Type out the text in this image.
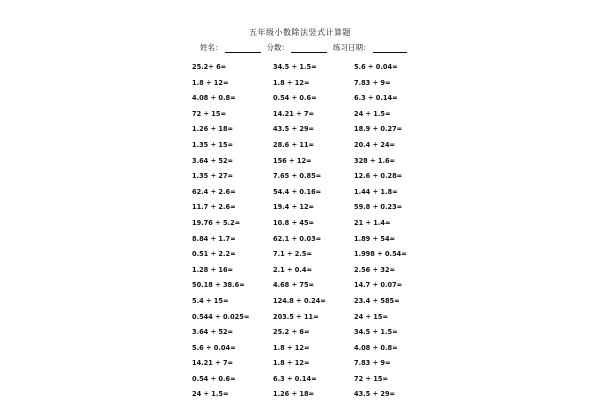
五年级小数除法竖式计算题
姓名：	分数：	练习日期：
25.2÷ 6=	34.5 ÷ 1.5=	5.6 ÷ 0.04=
1.8 ÷ 12=	1.8 ÷ 12=	7.83 ÷ 9=
4.08 ÷ 0.8=	0.54 ÷ 0.6=	6.3 ÷ 0.14=
72 ÷ 15=	14.21 ÷ 7=	24 ÷ 1.5=
1.26 ÷ 18=	43.5 ÷ 29=	18.9 ÷ 0.27=
1.35 ÷ 15=	28.6 ÷ 11=	20.4 ÷ 24=
3.64 ÷ 52=	156 ÷ 12=	328 ÷ 1.6=
1.35 ÷ 27=	7.65 ÷ 0.85=	12.6 ÷ 0.28=
62.4 ÷ 2.6=	54.4 ÷ 0.16=	1.44 ÷ 1.8=
11.7 ÷ 2.6=	19.4 ÷ 12=	59.8 ÷ 0.23=
19.76 ÷ 5.2=	10.8 ÷ 45=	21 ÷ 1.4=
8.84 ÷ 1.7=	62.1 ÷ 0.03=	1.89 ÷ 54=
0.51 ÷ 2.2=	7.1 ÷ 2.5=	1.998 ÷ 0.54=
1.28 ÷ 16=	2.1 ÷ 0.4=	2.56 ÷ 32=
50.18 ÷ 38.6=	4.68 ÷ 75=	14.7 ÷ 0.07=
5.4 ÷ 15=	124.8 ÷ 0.24=	23.4 ÷ 585=
0.544 ÷ 0.025=	203.5 ÷ 11=	24 ÷ 15=
3.64 ÷ 52=	25.2 ÷ 6=	34.5 ÷ 1.5=
5.6 ÷ 0.04=	1.8 ÷ 12=	4.08 ÷ 0.8=
14.21 ÷ 7=	1.8 ÷ 12=	7.83 ÷ 9=
0.54 ÷ 0.6=	6.3 ÷ 0.14=	72 ÷ 15=
24 ÷ 1.5=	1.26 ÷ 18=	43.5 ÷ 29=
